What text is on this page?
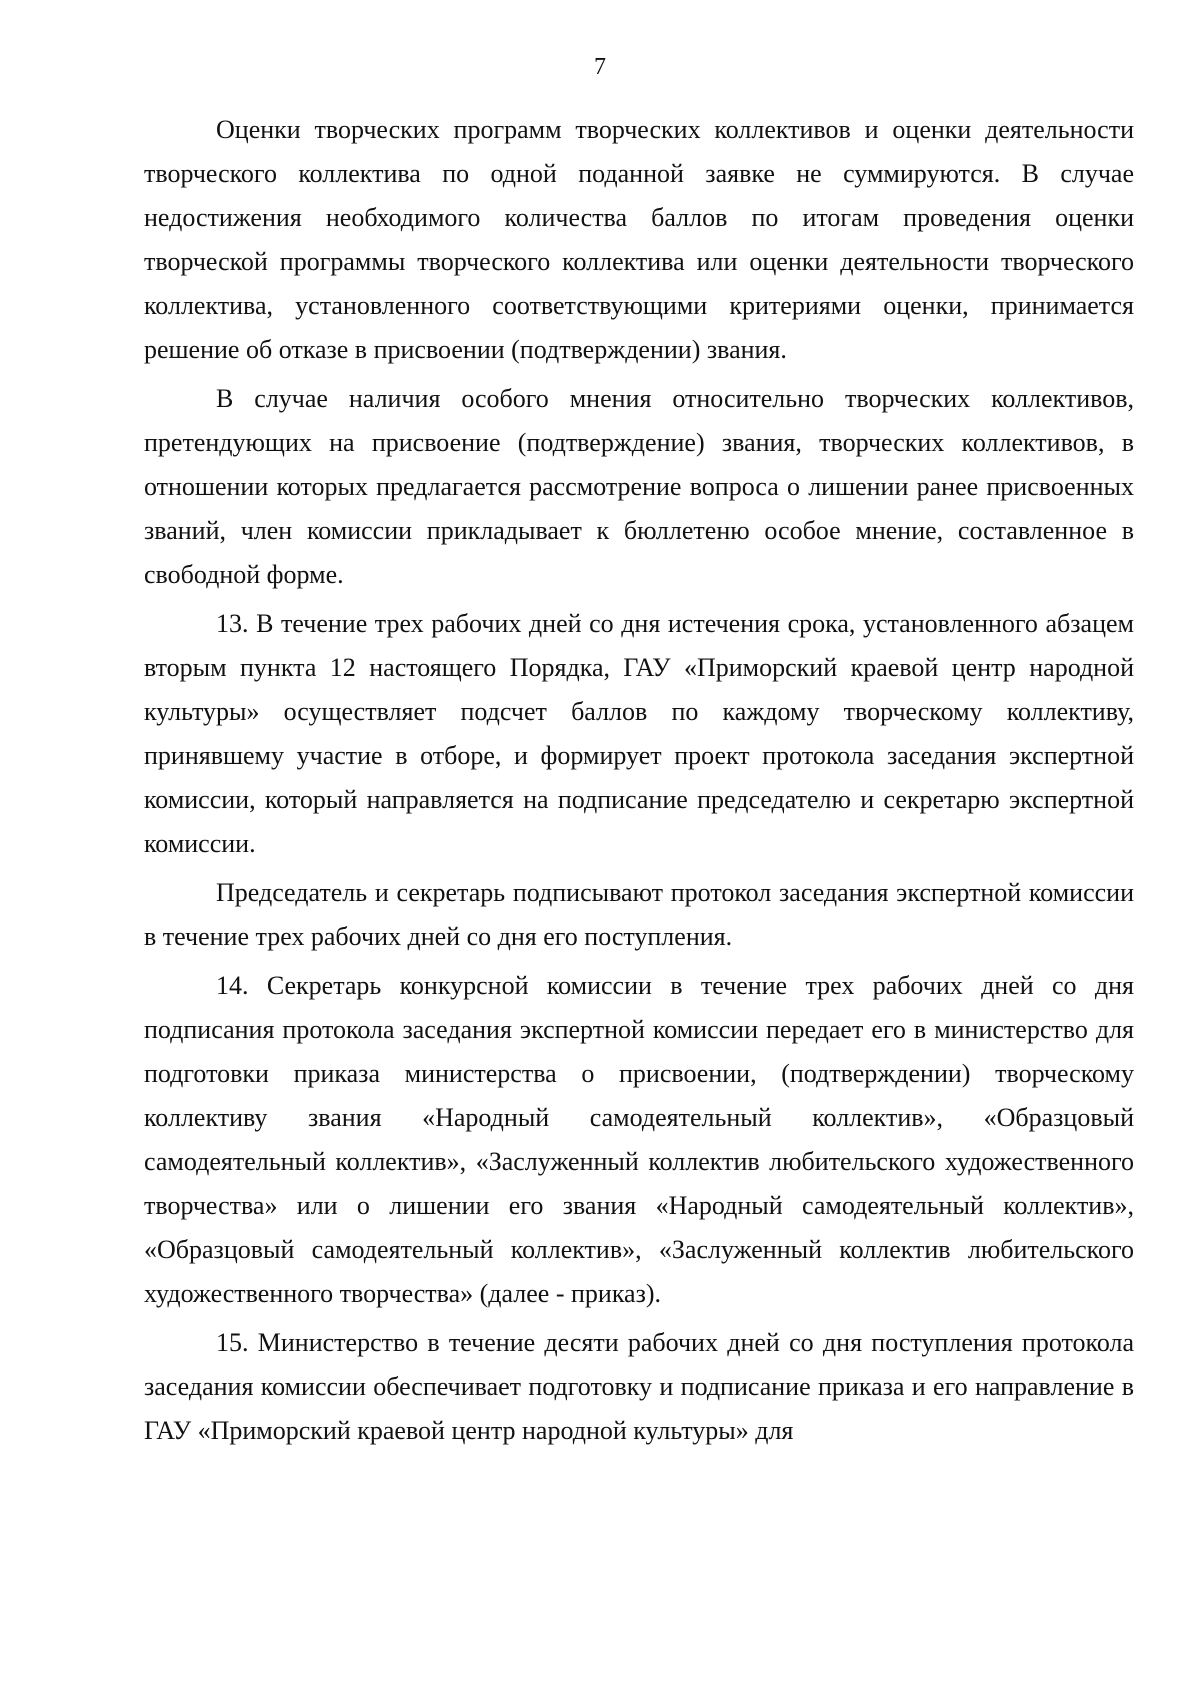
7

Оценки творческих программ творческих коллективов и оценки деятельности творческого коллектива по одной поданной заявке не суммируются. В случае недостижения необходимого количества баллов по итогам проведения оценки творческой программы творческого коллектива или оценки деятельности творческого коллектива, установленного соответствующими критериями оценки, принимается решение об отказе в присвоении (подтверждении) звания.

В случае наличия особого мнения относительно творческих коллективов, претендующих на присвоение (подтверждение) звания, творческих коллективов, в отношении которых предлагается рассмотрение вопроса о лишении ранее присвоенных званий, член комиссии прикладывает к бюллетеню особое мнение, составленное в свободной форме.

13. В течение трех рабочих дней со дня истечения срока, установленного абзацем вторым пункта 12 настоящего Порядка, ГАУ «Приморский краевой центр народной культуры» осуществляет подсчет баллов по каждому творческому коллективу, принявшему участие в отборе, и формирует проект протокола заседания экспертной комиссии, который направляется на подписание председателю и секретарю экспертной комиссии.

Председатель и секретарь подписывают протокол заседания экспертной комиссии в течение трех рабочих дней со дня его поступления.

14. Секретарь конкурсной комиссии в течение трех рабочих дней со дня подписания протокола заседания экспертной комиссии передает его в министерство для подготовки приказа министерства о присвоении, (подтверждении) творческому коллективу звания «Народный самодеятельный коллектив», «Образцовый самодеятельный коллектив», «Заслуженный коллектив любительского художественного творчества» или о лишении его звания «Народный самодеятельный коллектив», «Образцовый самодеятельный коллектив», «Заслуженный коллектив любительского художественного творчества» (далее - приказ).

15. Министерство в течение десяти рабочих дней со дня поступления протокола заседания комиссии обеспечивает подготовку и подписание приказа и его направление в ГАУ «Приморский краевой центр народной культуры» для
